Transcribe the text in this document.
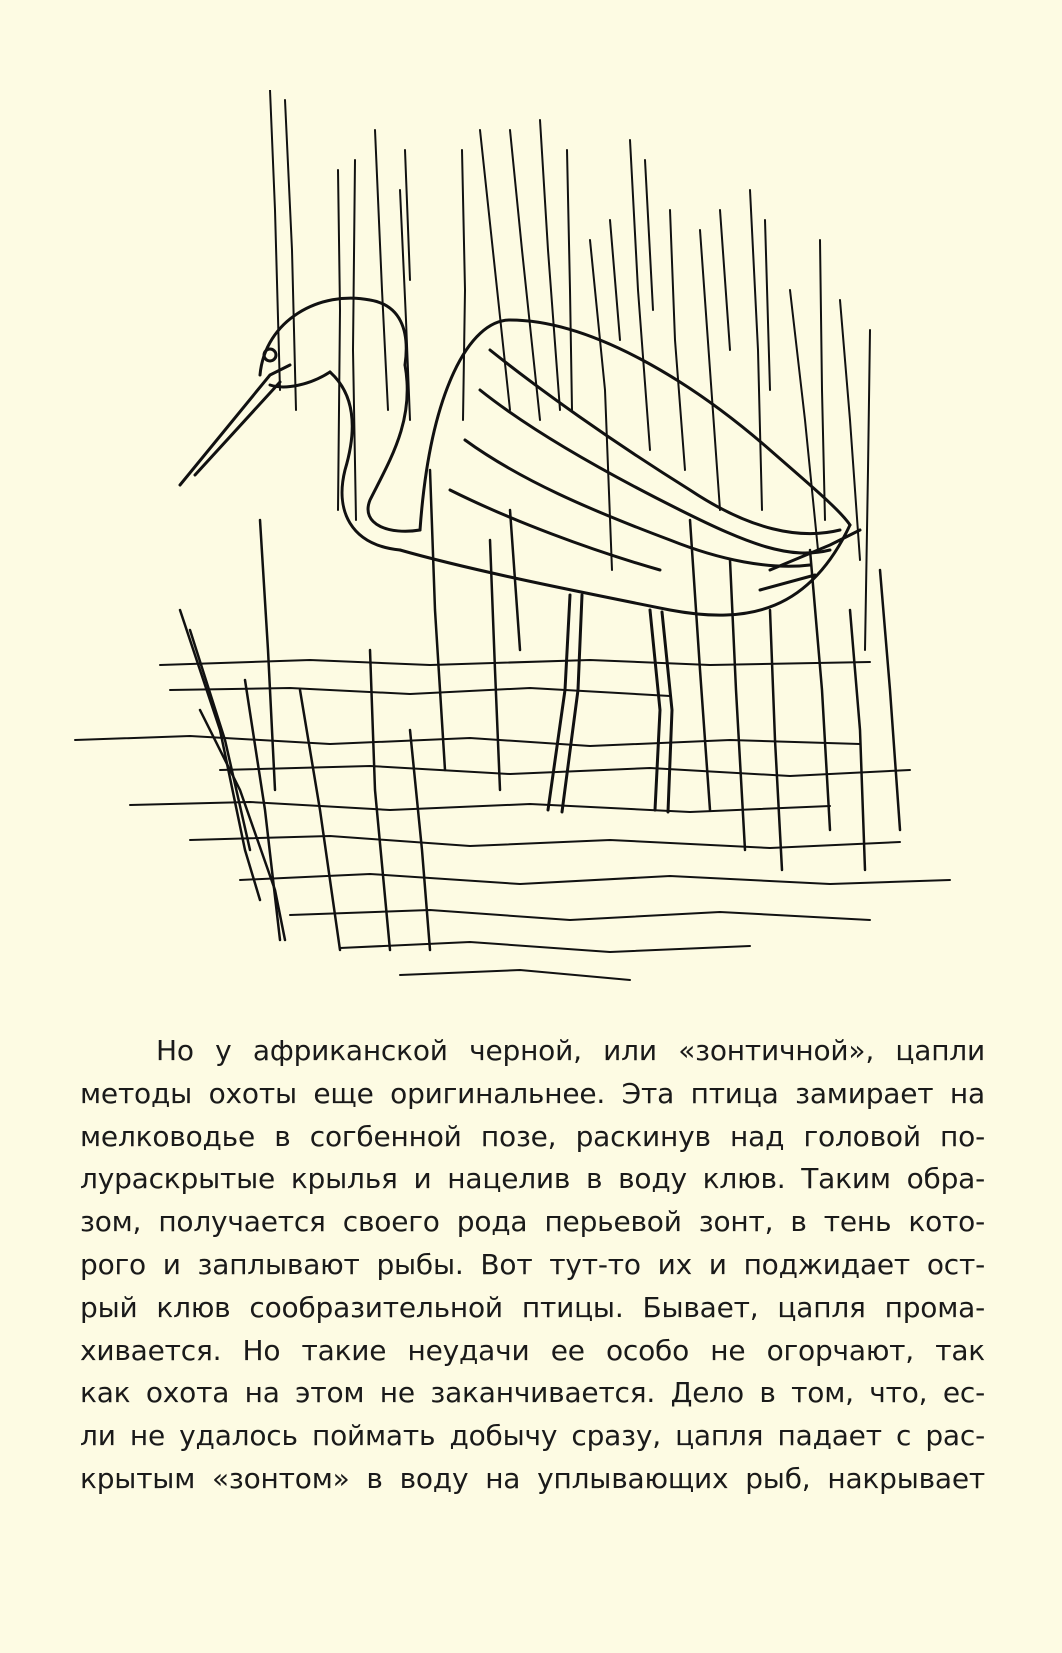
Но у африканской черной, или «зонтичной», цапли
методы охоты еще оригинальнее. Эта птица замирает на
мелководье в согбенной позе, раскинув над головой по-
лураскрытые крылья и нацелив в воду клюв. Таким обра-
зом, получается своего рода перьевой зонт, в тень кото-
рого и заплывают рыбы. Вот тут-то их и поджидает ост-
рый клюв сообразительной птицы. Бывает, цапля прома-
хивается. Но такие неудачи ее особо не огорчают, так
как охота на этом не заканчивается. Дело в том, что, ес-
ли не удалось поймать добычу сразу, цапля падает с рас-
крытым «зонтом» в воду на уплывающих рыб, накрывает
